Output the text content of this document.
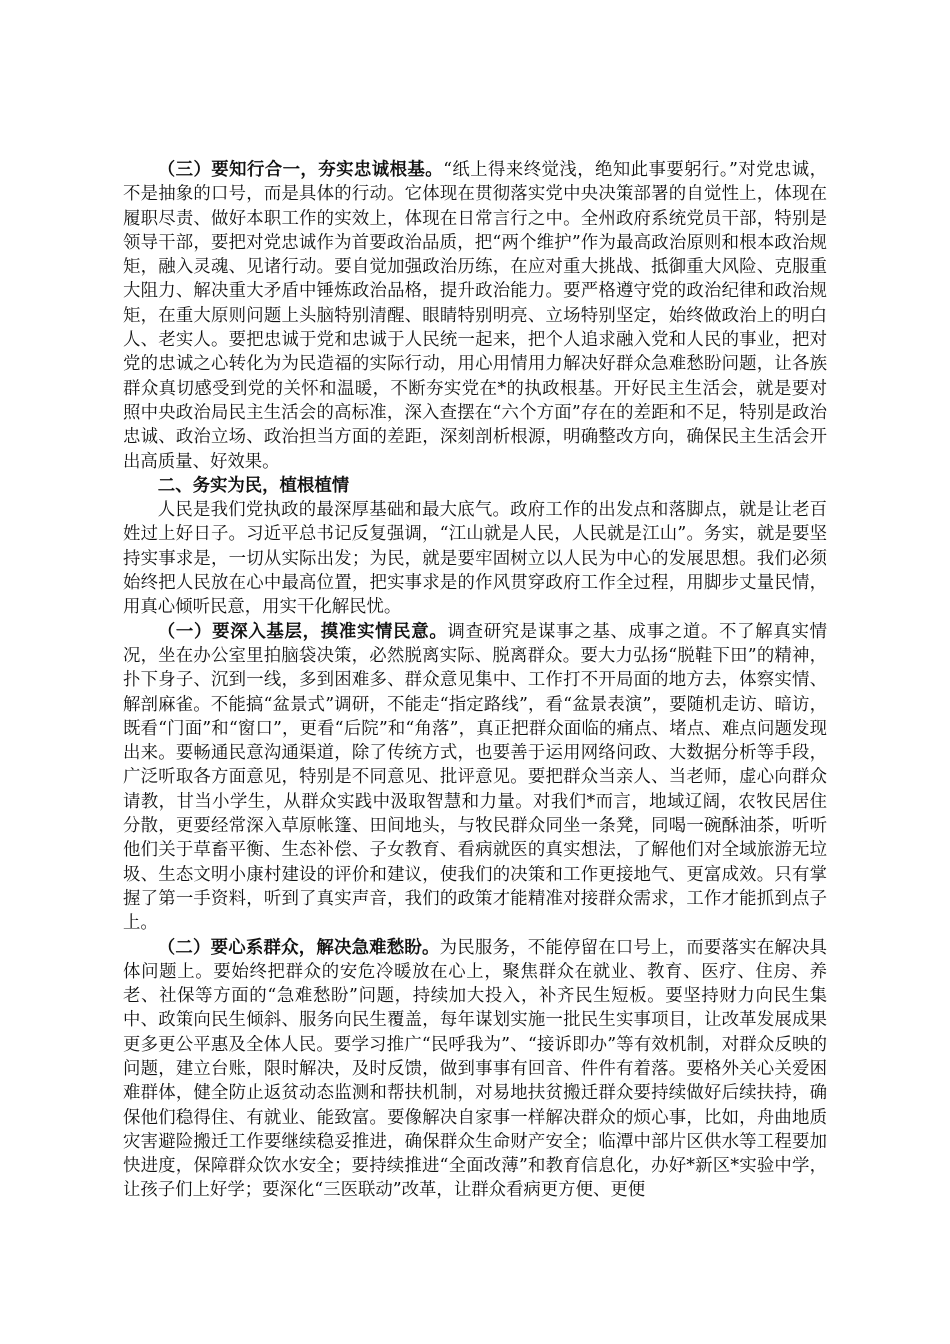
（三）要知行合一，夯实忠诚根基。“纸上得来终觉浅，绝知此事要躬行。”对党忠诚，不是抽象的口号，而是具体的行动。它体现在贯彻落实党中央决策部署的自觉性上，体现在履职尽责、做好本职工作的实效上，体现在日常言行之中。全州政府系统党员干部，特别是领导干部，要把对党忠诚作为首要政治品质，把“两个维护”作为最高政治原则和根本政治规矩，融入灵魂、见诸行动。要自觉加强政治历练，在应对重大挑战、抵御重大风险、克服重大阻力、解决重大矛盾中锤炼政治品格，提升政治能力。要严格遵守党的政治纪律和政治规矩，在重大原则问题上头脑特别清醒、眼睛特别明亮、立场特别坚定，始终做政治上的明白人、老实人。要把忠诚于党和忠诚于人民统一起来，把个人追求融入党和人民的事业，把对党的忠诚之心转化为为民造福的实际行动，用心用情用力解决好群众急难愁盼问题，让各族群众真切感受到党的关怀和温暖，不断夯实党在*的执政根基。开好民主生活会，就是要对照中央政治局民主生活会的高标准，深入查摆在“六个方面”存在的差距和不足，特别是政治忠诚、政治立场、政治担当方面的差距，深刻剖析根源，明确整改方向，确保民主生活会开出高质量、好效果。

二、务实为民，植根植情

人民是我们党执政的最深厚基础和最大底气。政府工作的出发点和落脚点，就是让老百姓过上好日子。习近平总书记反复强调，“江山就是人民，人民就是江山”。务实，就是要坚持实事求是，一切从实际出发；为民，就是要牢固树立以人民为中心的发展思想。我们必须始终把人民放在心中最高位置，把实事求是的作风贯穿政府工作全过程，用脚步丈量民情，用真心倾听民意，用实干化解民忧。

（一）要深入基层，摸准实情民意。调查研究是谋事之基、成事之道。不了解真实情况，坐在办公室里拍脑袋决策，必然脱离实际、脱离群众。要大力弘扬“脱鞋下田”的精神，扑下身子、沉到一线，多到困难多、群众意见集中、工作打不开局面的地方去，体察实情、解剖麻雀。不能搞“盆景式”调研，不能走“指定路线”，看“盆景表演”，要随机走访、暗访，既看“门面”和“窗口”，更看“后院”和“角落”，真正把群众面临的痛点、堵点、难点问题发现出来。要畅通民意沟通渠道，除了传统方式，也要善于运用网络问政、大数据分析等手段，广泛听取各方面意见，特别是不同意见、批评意见。要把群众当亲人、当老师，虚心向群众请教，甘当小学生，从群众实践中汲取智慧和力量。对我们*而言，地域辽阔，农牧民居住分散，更要经常深入草原帐篷、田间地头，与牧民群众同坐一条凳，同喝一碗酥油茶，听听他们关于草畜平衡、生态补偿、子女教育、看病就医的真实想法，了解他们对全域旅游无垃圾、生态文明小康村建设的评价和建议，使我们的决策和工作更接地气、更富成效。只有掌握了第一手资料，听到了真实声音，我们的政策才能精准对接群众需求，工作才能抓到点子上。

（二）要心系群众，解决急难愁盼。为民服务，不能停留在口号上，而要落实在解决具体问题上。要始终把群众的安危冷暖放在心上，聚焦群众在就业、教育、医疗、住房、养老、社保等方面的“急难愁盼”问题，持续加大投入，补齐民生短板。要坚持财力向民生集中、政策向民生倾斜、服务向民生覆盖，每年谋划实施一批民生实事项目，让改革发展成果更多更公平惠及全体人民。要学习推广“民呼我为”、“接诉即办”等有效机制，对群众反映的问题，建立台账，限时解决，及时反馈，做到事事有回音、件件有着落。要格外关心关爱困难群体，健全防止返贫动态监测和帮扶机制，对易地扶贫搬迁群众要持续做好后续扶持，确保他们稳得住、有就业、能致富。要像解决自家事一样解决群众的烦心事，比如，舟曲地质灾害避险搬迁工作要继续稳妥推进，确保群众生命财产安全；临潭中部片区供水等工程要加快进度，保障群众饮水安全；要持续推进“全面改薄”和教育信息化，办好*新区*实验中学，让孩子们上好学；要深化“三医联动”改革，让群众看病更方便、更便
